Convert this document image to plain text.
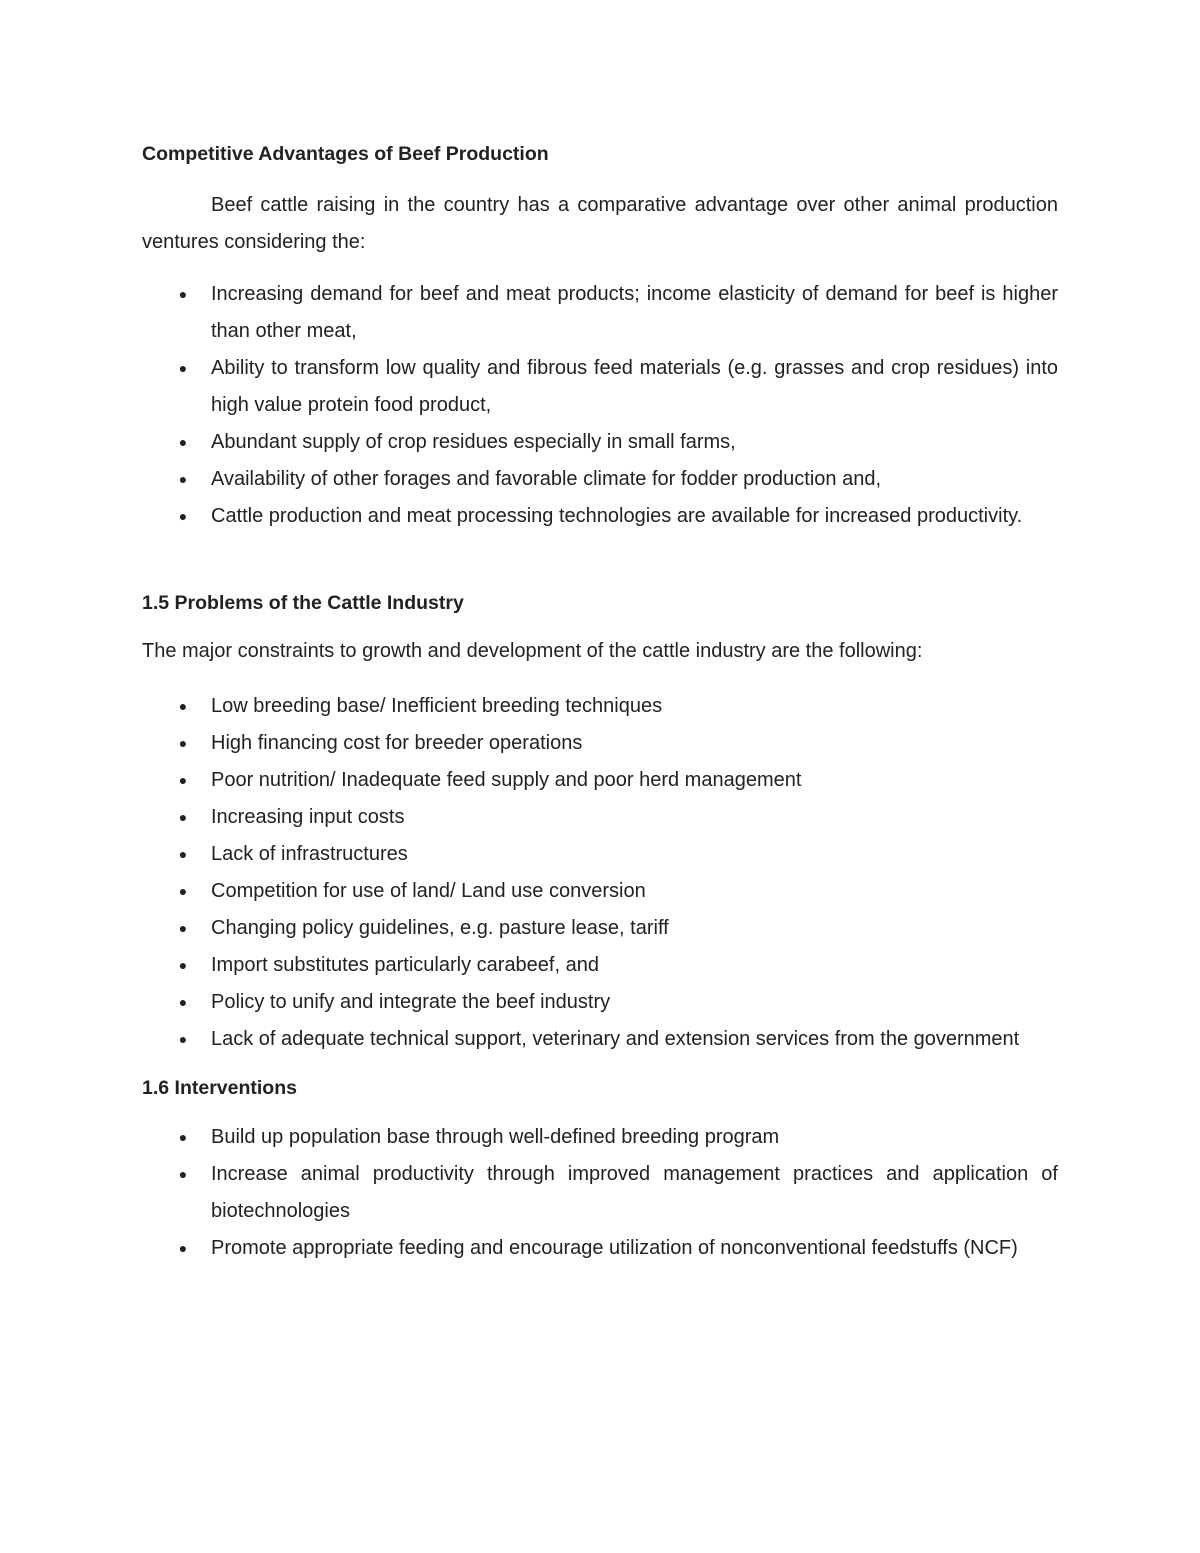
Competitive Advantages of Beef Production

Beef cattle raising in the country has a comparative advantage over other animal production ventures considering the:

● Increasing demand for beef and meat products; income elasticity of demand for beef is higher than other meat,
● Ability to transform low quality and fibrous feed materials (e.g. grasses and crop residues) into high value protein food product,
● Abundant supply of crop residues especially in small farms,
● Availability of other forages and favorable climate for fodder production and,
● Cattle production and meat processing technologies are available for increased productivity.

1.5 Problems of the Cattle Industry

The major constraints to growth and development of the cattle industry are the following:

● Low breeding base/ Inefficient breeding techniques
● High financing cost for breeder operations
● Poor nutrition/ Inadequate feed supply and poor herd management
● Increasing input costs
● Lack of infrastructures
● Competition for use of land/ Land use conversion
● Changing policy guidelines, e.g. pasture lease, tariff
● Import substitutes particularly carabeef, and
● Policy to unify and integrate the beef industry
● Lack of adequate technical support, veterinary and extension services from the government

1.6 Interventions

● Build up population base through well-defined breeding program
● Increase animal productivity through improved management practices and application of biotechnologies
● Promote appropriate feeding and encourage utilization of nonconventional feedstuffs (NCF)
